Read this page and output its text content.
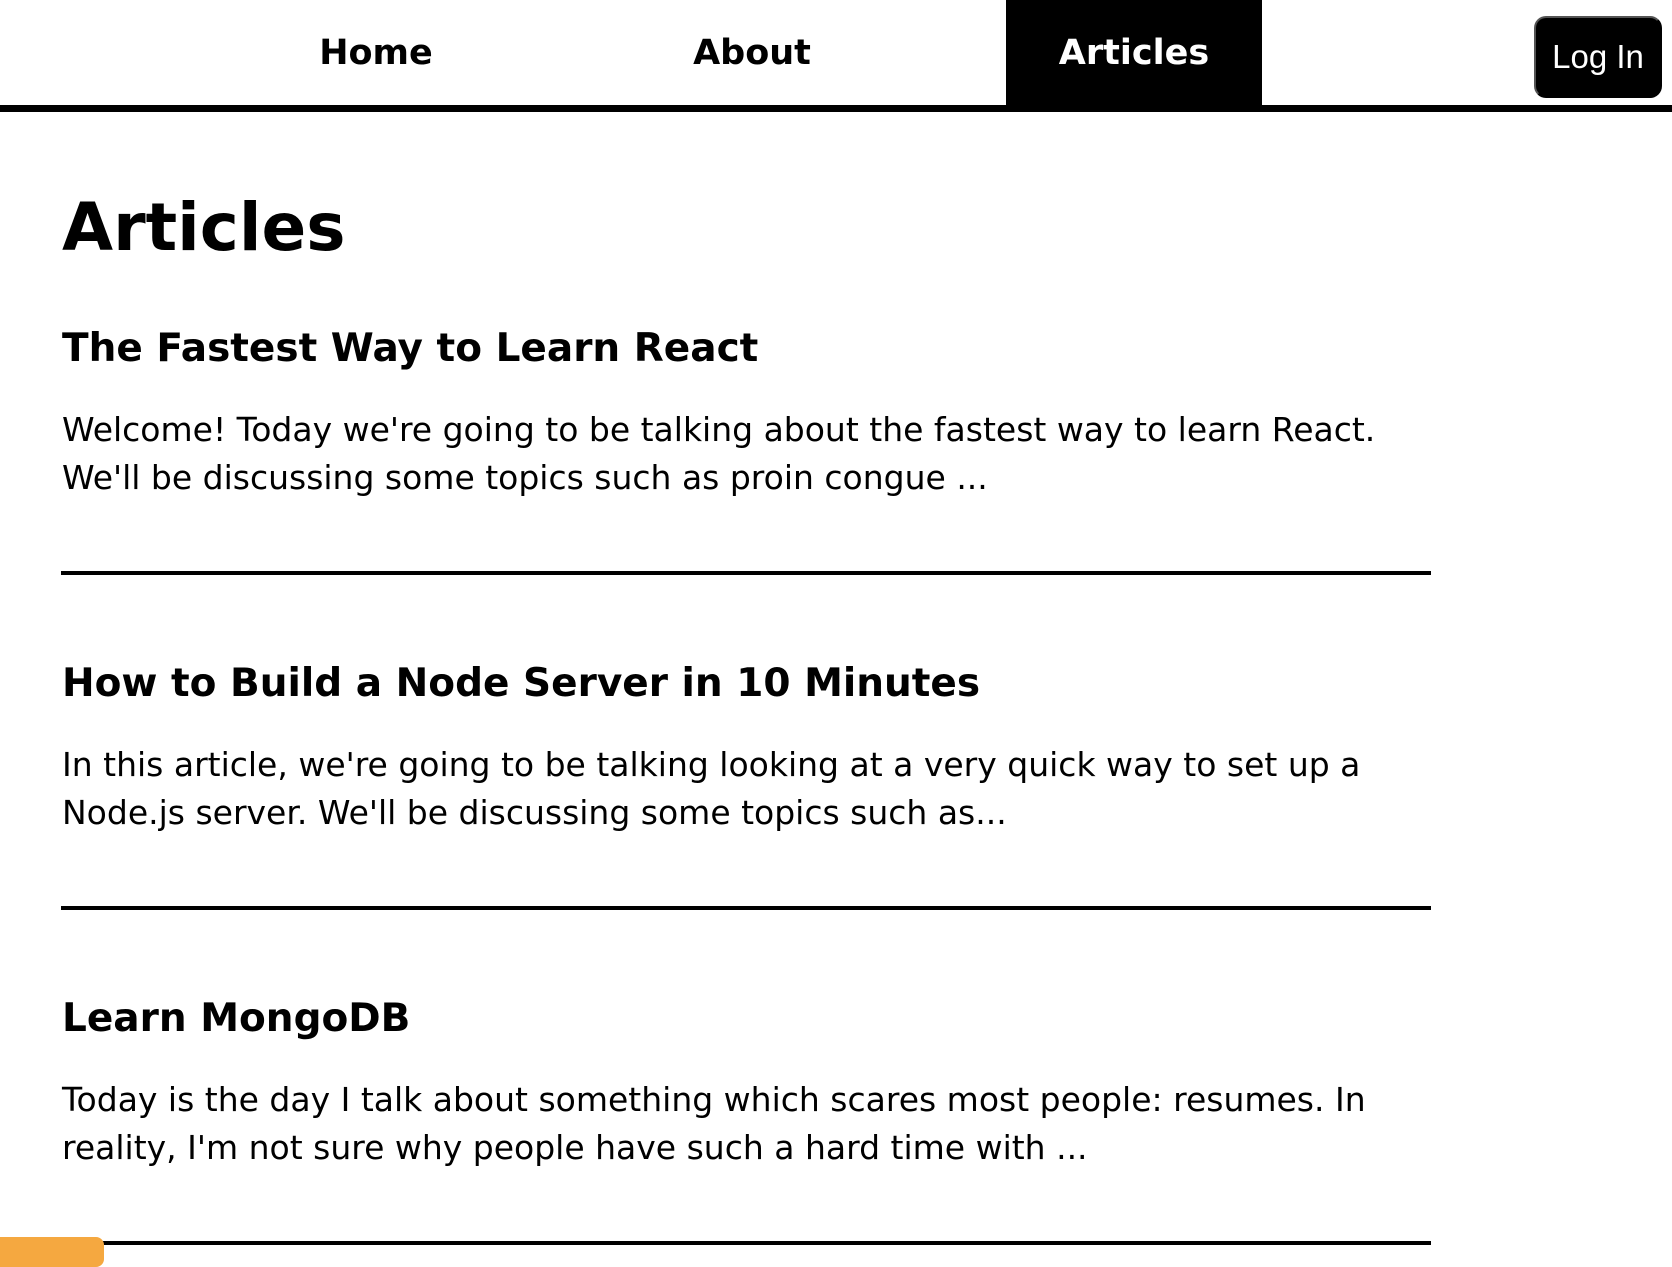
Home	About	Articles	Log In
Articles
The Fastest Way to Learn React

Welcome! Today we're going to be talking about the fastest way to learn React. We'll be discussing some topics such as proin congue ...

How to Build a Node Server in 10 Minutes

In this article, we're going to be talking looking at a very quick way to set up a Node.js server. We'll be discussing some topics such as...

Learn MongoDB

Today is the day I talk about something which scares most people: resumes. In reality, I'm not sure why people have such a hard time with ...
